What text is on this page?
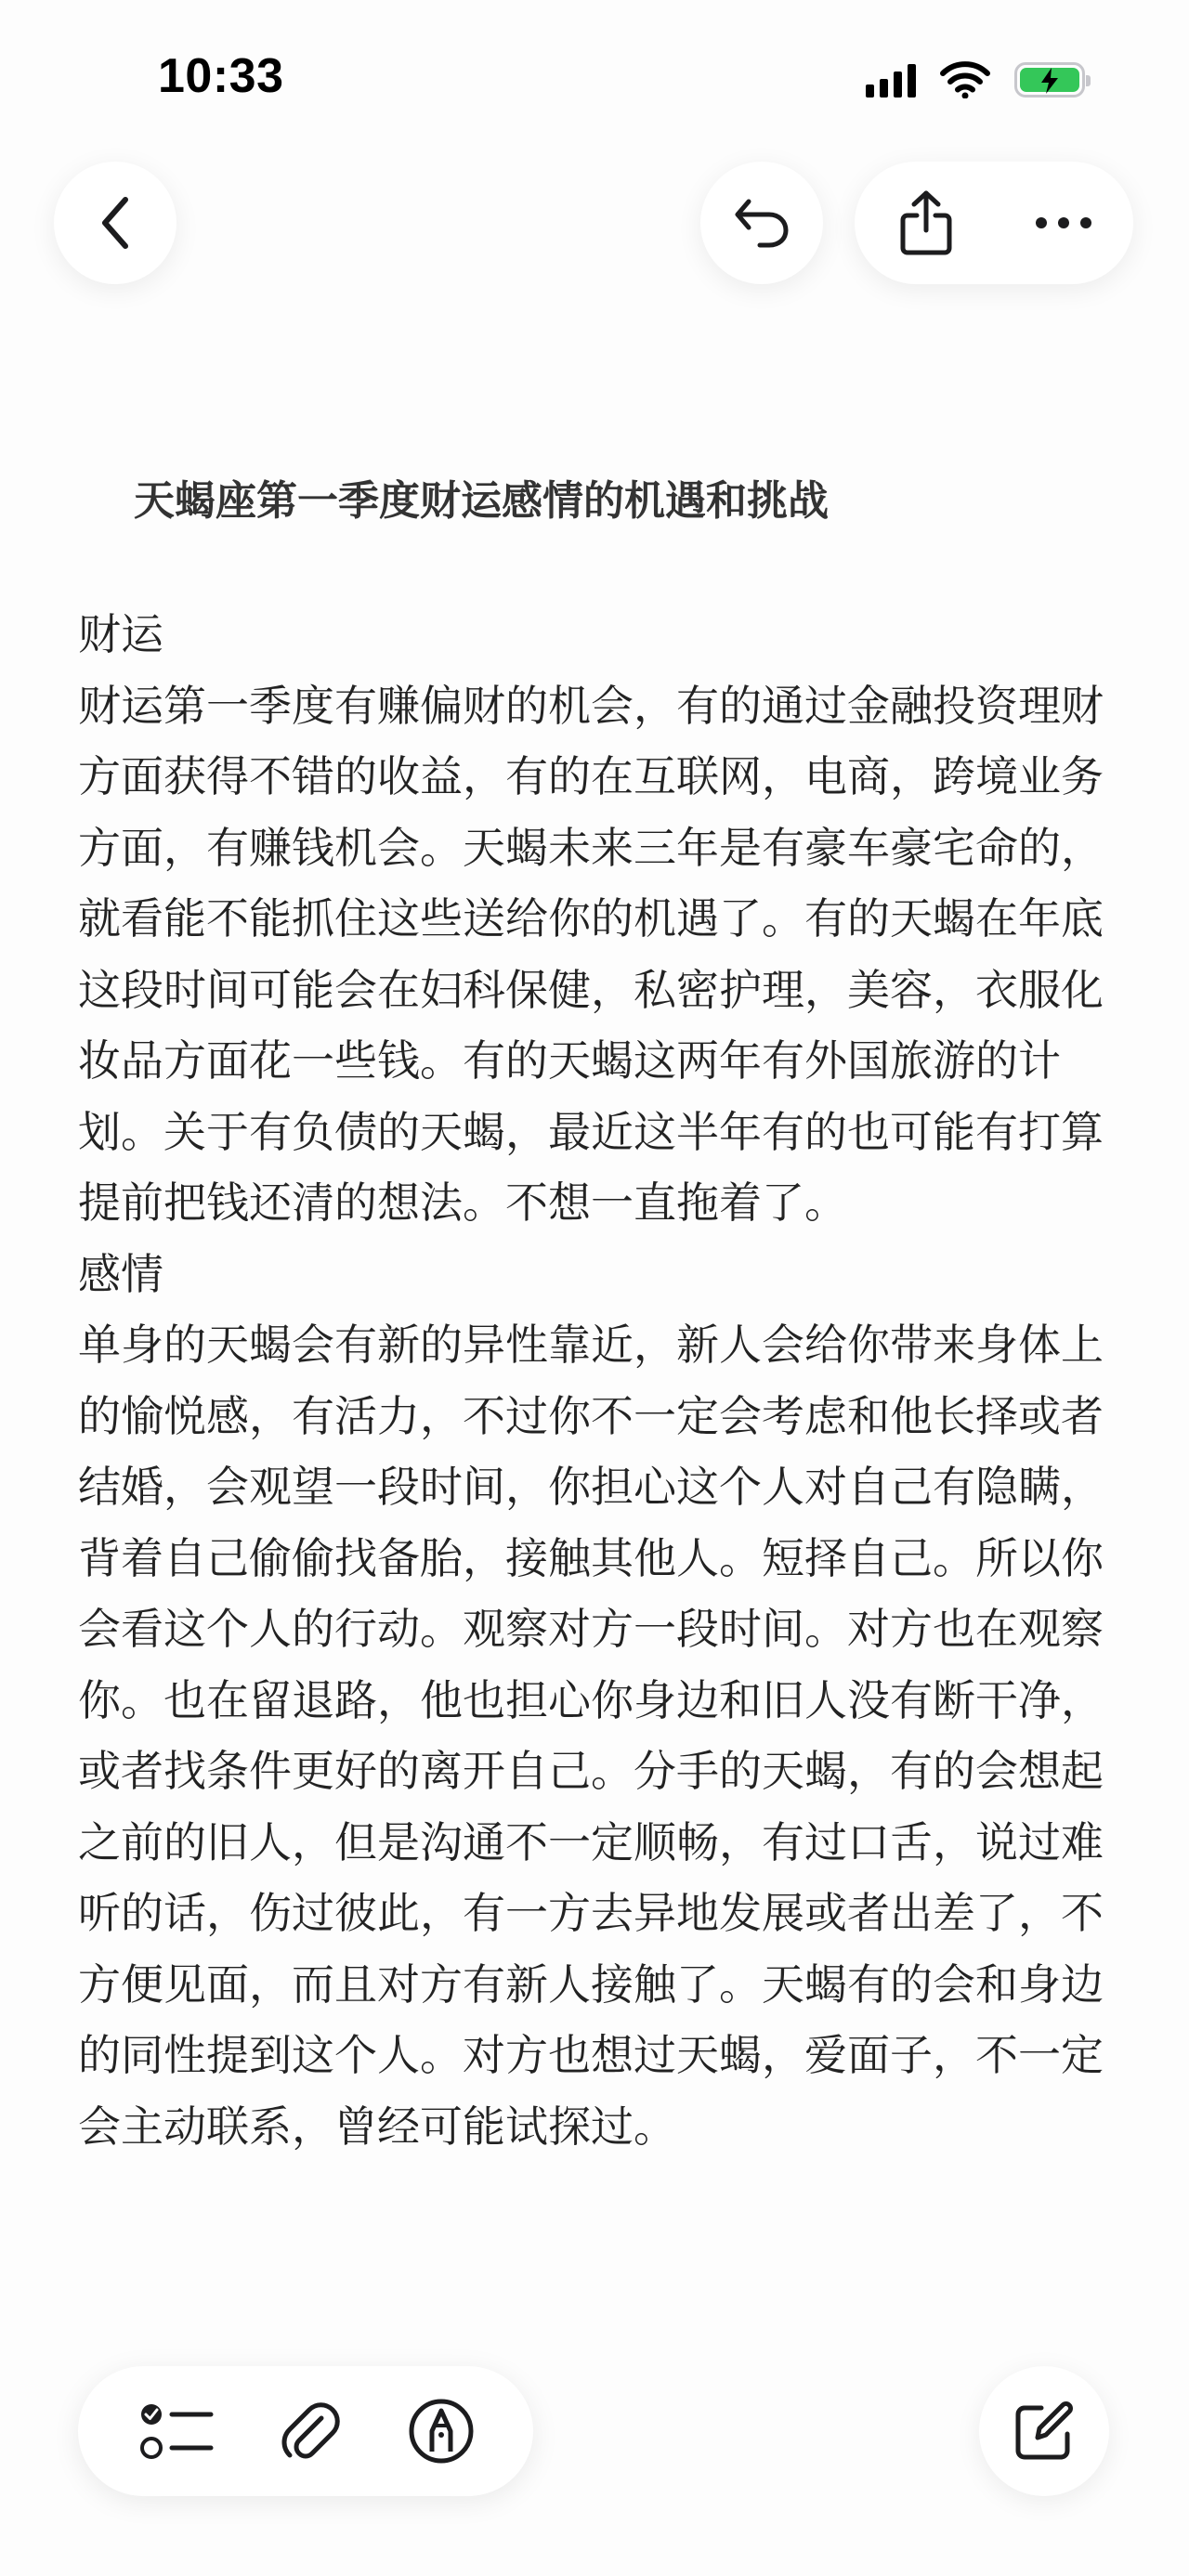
10:33
天蝎座第一季度财运感情的机遇和挑战

财运

财运第一季度有赚偏财的机会，有的通过金融投资理财方面获得不错的收益，有的在互联网，电商，跨境业务方面，有赚钱机会。天蝎未来三年是有豪车豪宅命的，就看能不能抓住这些送给你的机遇了。有的天蝎在年底这段时间可能会在妇科保健，私密护理，美容，衣服化妆品方面花一些钱。有的天蝎这两年有外国旅游的计划。关于有负债的天蝎，最近这半年有的也可能有打算提前把钱还清的想法。不想一直拖着了。

感情

单身的天蝎会有新的异性靠近，新人会给你带来身体上的愉悦感，有活力，不过你不一定会考虑和他长择或者结婚，会观望一段时间，你担心这个人对自己有隐瞒，背着自己偷偷找备胎，接触其他人。短择自己。所以你会看这个人的行动。观察对方一段时间。对方也在观察你。也在留退路，他也担心你身边和旧人没有断干净，或者找条件更好的离开自己。分手的天蝎，有的会想起之前的旧人，但是沟通不一定顺畅，有过口舌，说过难听的话，伤过彼此，有一方去异地发展或者出差了，不方便见面，而且对方有新人接触了。天蝎有的会和身边的同性提到这个人。对方也想过天蝎，爱面子，不一定会主动联系，曾经可能试探过。
